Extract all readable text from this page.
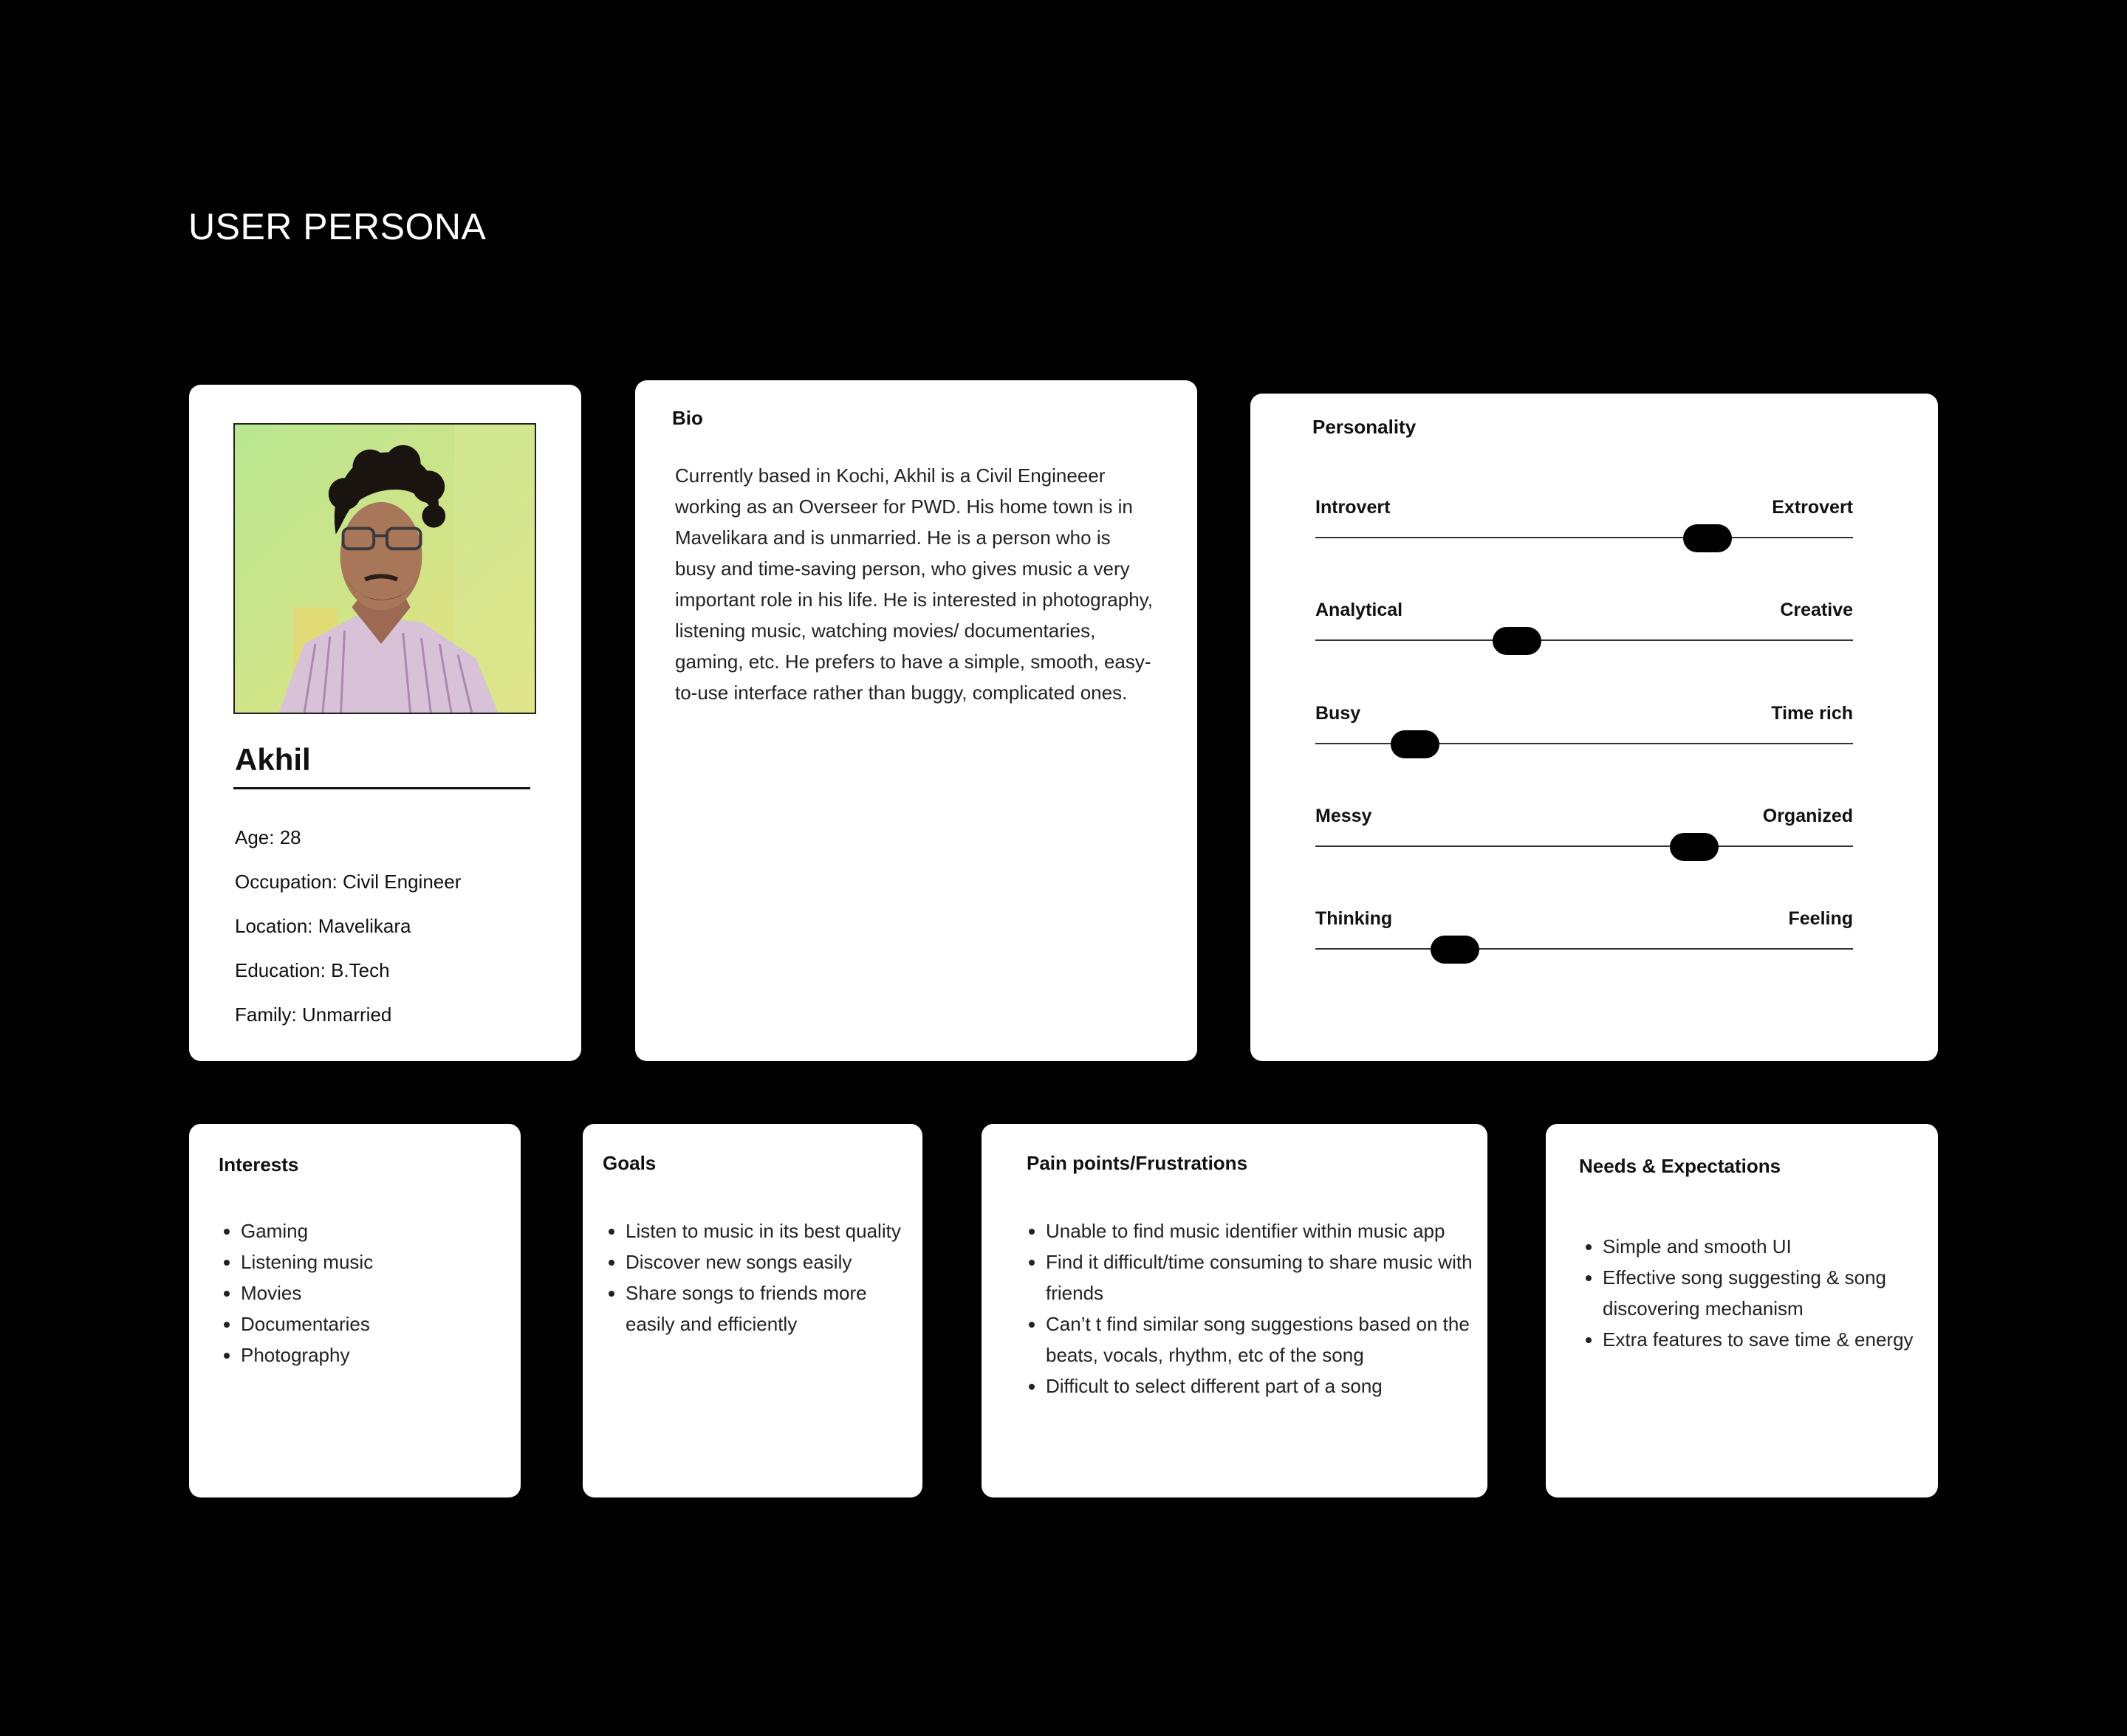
USER PERSONA
Akhil

Age: 28

Occupation: Civil Engineer

Location: Mavelikara

Education: B.Tech

Family: Unmarried

Bio

Currently based in Kochi, Akhil is a Civil Engineeer working as an Overseer for PWD. His home town is in Mavelikara and is unmarried. He is a person who is busy and time-saving person, who gives music a very important role in his life. He is interested in photography, listening music, watching movies/ documentaries, gaming, etc. He prefers to have a simple, smooth, easy-to-use interface rather than buggy, complicated ones.

Personality

Introvert	Extrovert

Analytical	Creative

Busy	Time rich

Messy	Organized

Thinking	Feeling

Interests
• Gaming
• Listening music
• Movies
• Documentaries
• Photography
Goals
• Listen to music in its best quality
• Discover new songs easily
• Share songs to friends more easily and efficiently
Pain points/Frustrations
• Unable to find music identifier within music app
• Find it difficult/time consuming to share music with friends
• Can’t t find similar song suggestions based on the beats, vocals, rhythm, etc of the song
• Difficult to select different part of a song
Needs & Expectations
• Simple and smooth UI
• Effective song suggesting & song discovering mechanism
• Extra features to save time & energy
